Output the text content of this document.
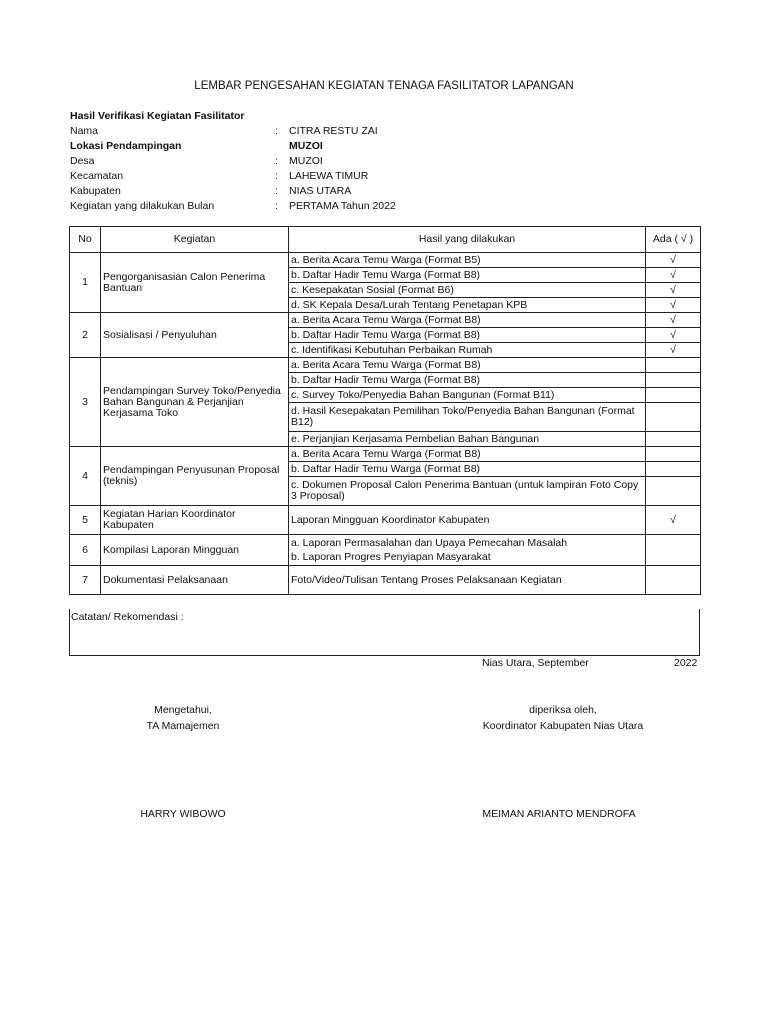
LEMBAR PENGESAHAN KEGIATAN TENAGA FASILITATOR LAPANGAN
Hasil Verifikasi Kegiatan Fasilitator
Nama	: CITRA RESTU ZAI
Lokasi Pendampingan	MUZOI
Desa	: MUZOI
Kecamatan	: LAHEWA TIMUR
Kabupaten	: NIAS UTARA
Kegiatan yang dilakukan Bulan	: PERTAMA Tahun 2022
No	Kegiatan	Hasil yang dilakukan	Ada ( √ )
1	Pengorganisasian Calon Penerima Bantuan	a. Berita Acara Temu Warga (Format B5)	√
		b. Daftar Hadir Temu Warga (Format B8)	√
		c. Kesepakatan Sosial (Format B6)	√
		d. SK Kepala Desa/Lurah Tentang Penetapan KPB	√
2	Sosialisasi / Penyuluhan	a. Berita Acara Temu Warga (Format B8)	√
		b. Daftar Hadir Temu Warga (Format B8)	√
		c. Identifikasi Kebutuhan Perbaikan Rumah	√
3	Pendampingan Survey Toko/Penyedia Bahan Bangunan & Perjanjian Kerjasama Toko	a. Berita Acara Temu Warga (Format B8)	
		b. Daftar Hadir Temu Warga (Format B8)	
		c. Survey Toko/Penyedia Bahan Bangunan (Format B11)	
		d. Hasil Kesepakatan Pemilihan Toko/Penyedia Bahan Bangunan (Format B12)	
		e. Perjanjian Kerjasama Pembelian Bahan Bangunan	
4	Pendampingan Penyusunan Proposal (teknis)	a. Berita Acara Temu Warga (Format B8)	
		b. Daftar Hadir Temu Warga (Format B8)	
		c. Dokumen Proposal Calon Penerima Bantuan (untuk lampiran Foto Copy 3 Proposal)	
5	Kegiatan Harian Koordinator Kabupaten	Laporan Mingguan Koordinator Kabupaten	√
6	Kompilasi Laporan Mingguan	a. Laporan Permasalahan dan Upaya Pemecahan Masalah
b. Laporan Progres Penyiapan Masyarakat	

7	Dokumentasi Pelaksanaan	Foto/Video/Tulisan Tentang Proses Pelaksanaan Kegiatan	
Catatan/ Rekomendasi :
Nias Utara, September	2022
Mengetahui,
TA Mamajemen
HARRY WIBOWO
diperiksa oleh,
Koordinator Kabupaten Nias Utara
MEIMAN ARIANTO MENDROFA
